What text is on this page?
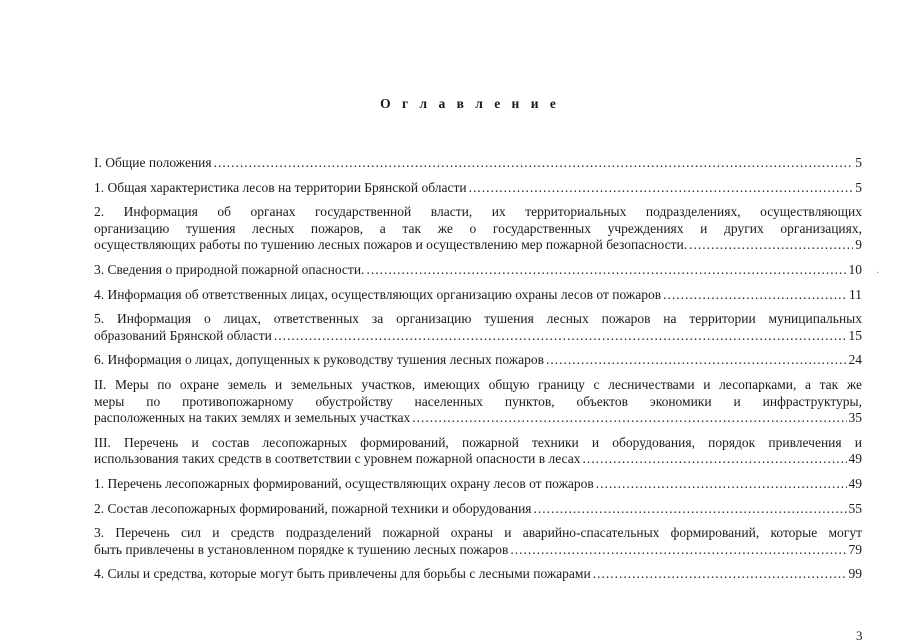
О г л а в л е н и е
I. Общие положения .....	5
1. Общая характеристика лесов на территории Брянской области .....	5
2. Информация об органах государственной власти, их территориальных подразделениях, осуществляющих
организацию тушения лесных пожаров, а так же о государственных учреждениях и других организациях,
осуществляющих работы по тушению лесных пожаров и осуществлению мер пожарной безопасности. .....	9
3. Сведения о природной пожарной опасности. .....	10
4. Информация об ответственных лицах, осуществляющих организацию охраны лесов от пожаров .....	11
5. Информация о лицах, ответственных за организацию тушения лесных пожаров на территории муниципальных
образований Брянской области .....	15
6. Информация о лицах, допущенных к руководству тушения лесных пожаров .....	24
II. Меры по охране земель и земельных участков, имеющих общую границу с лесничествами и лесопарками, а так же
меры по противопожарному обустройству населенных пунктов, объектов экономики и инфраструктуры,
расположенных на таких землях и земельных участках .....	35
III. Перечень и состав лесопожарных формирований, пожарной техники и оборудования, порядок привлечения и
использования таких средств в соответствии с уровнем пожарной опасности в лесах .....	49
1. Перечень лесопожарных формирований, осуществляющих охрану лесов от пожаров .....	49
2. Состав лесопожарных формирований, пожарной техники и оборудования .....	55
3. Перечень сил и средств подразделений пожарной охраны и аварийно-спасательных формирований, которые могут
быть привлечены в установленном порядке к тушению лесных пожаров .....	79
4. Силы и средства, которые могут быть привлечены для борьбы с лесными пожарами .....	99
·
3
